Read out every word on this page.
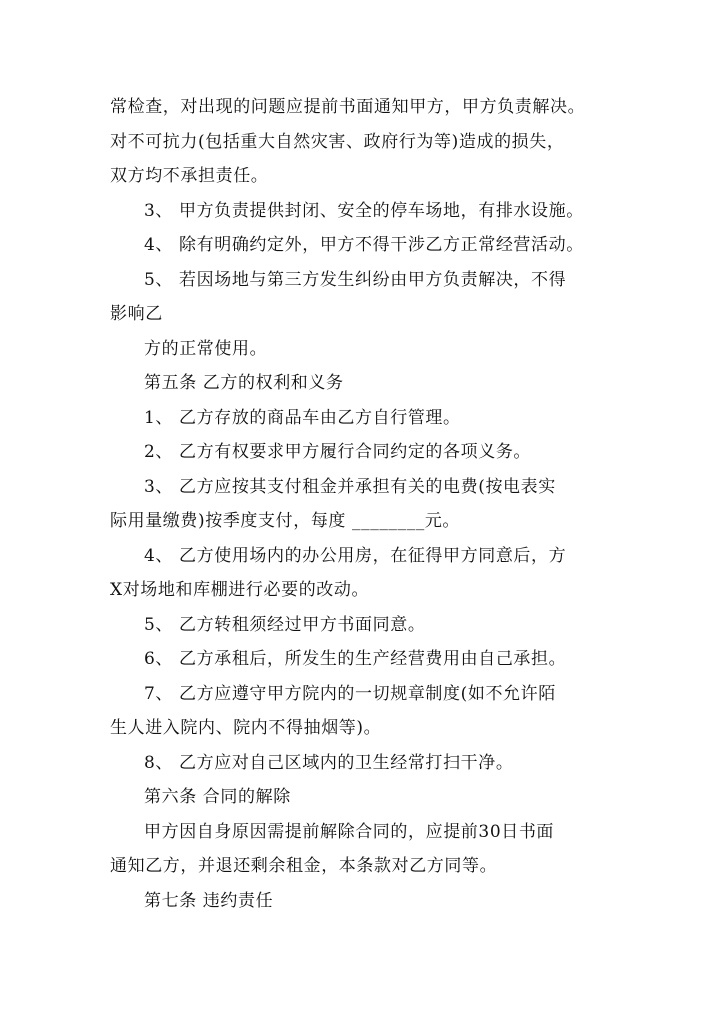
常检查，对出现的问题应提前书面通知甲方，甲方负责解决。
对不可抗力(包括重大自然灾害、政府行为等)造成的损失，
双方均不承担责任。
3、 甲方负责提供封闭、安全的停车场地，有排水设施。
4、 除有明确约定外，甲方不得干涉乙方正常经营活动。
5、 若因场地与第三方发生纠纷由甲方负责解决，不得
影响乙
方的正常使用。
第五条 乙方的权利和义务
1、 乙方存放的商品车由乙方自行管理。
2、 乙方有权要求甲方履行合同约定的各项义务。
3、 乙方应按其支付租金并承担有关的电费(按电表实
际用量缴费)按季度支付，每度 ________元。
4、 乙方使用场内的办公用房，在征得甲方同意后，方
X对场地和库棚进行必要的改动。
5、 乙方转租须经过甲方书面同意。
6、 乙方承租后，所发生的生产经营费用由自己承担。
7、 乙方应遵守甲方院内的一切规章制度(如不允许陌
生人进入院内、院内不得抽烟等)。
8、 乙方应对自己区域内的卫生经常打扫干净。
第六条 合同的解除
甲方因自身原因需提前解除合同的，应提前30日书面
通知乙方，并退还剩余租金，本条款对乙方同等。
第七条 违约责任
